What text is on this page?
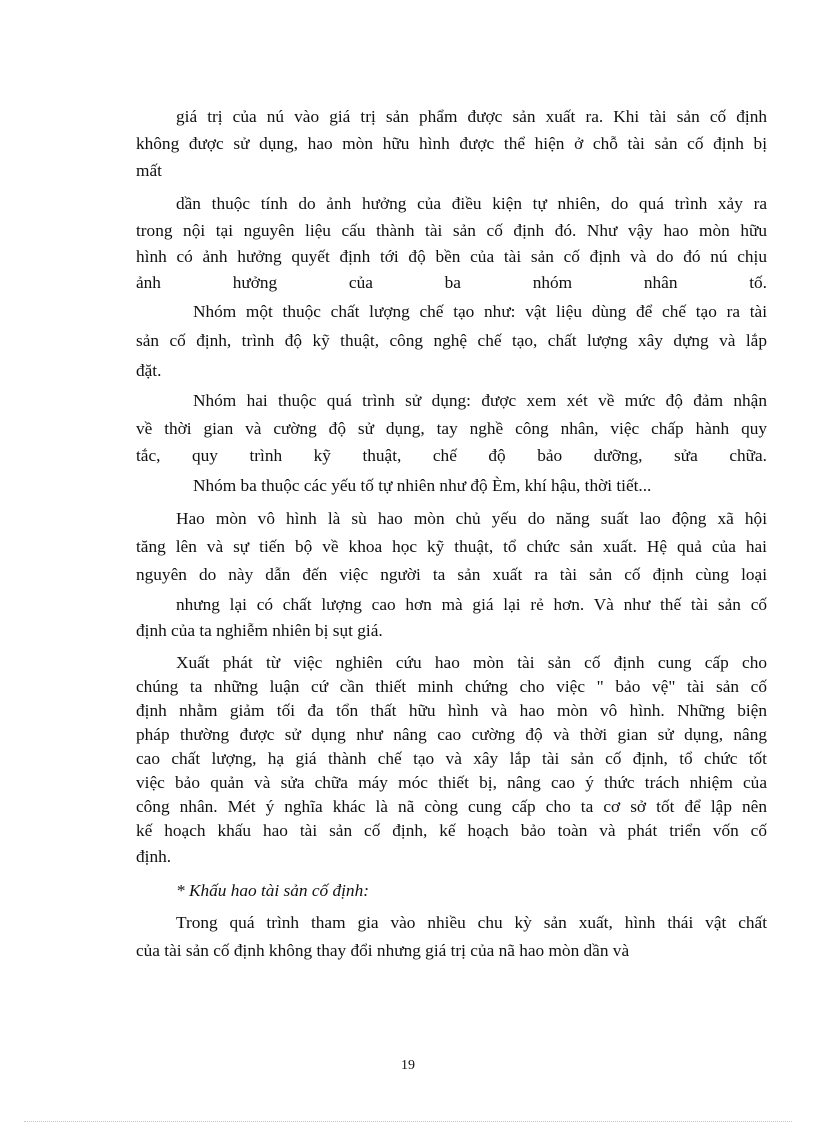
giá trị của nú vào giá trị sản phẩm được sản xuất ra. Khi tài sản cố định
không được sử dụng, hao mòn hữu hình được thể hiện ở chỗ tài sản cố định bị
mất
dần thuộc tính do ảnh hưởng của điều kiện tự nhiên, do quá trình xảy ra
trong nội tại nguyên liệu cấu thành tài sản cố định đó. Như vậy hao mòn hữu
hình có ảnh hưởng quyết định tới độ bền của tài sản cố định và do đó nú chịu
ảnh hưởng của ba nhóm nhân tố.
Nhóm một thuộc chất lượng chế tạo như: vật liệu dùng để chế tạo ra tài
sản cố định, trình độ kỹ thuật, công nghệ chế tạo, chất lượng xây dựng và lắp
đặt.
Nhóm hai thuộc quá trình sử dụng: được xem xét về mức độ đảm nhận
về thời gian và cường độ sử dụng, tay nghề công nhân, việc chấp hành quy
tắc, quy trình kỹ thuật, chế độ bảo dưỡng, sửa chữa.
Nhóm ba thuộc các yếu tố tự nhiên như độ Èm, khí hậu, thời tiết...
Hao mòn vô hình là sù hao mòn chủ yếu do năng suất lao động xã hội
tăng lên và sự tiến bộ về khoa học kỹ thuật, tổ chức sản xuất. Hệ quả của hai
nguyên do này dẫn đến việc người ta sản xuất ra tài sản cố định cùng loại
nhưng lại có chất lượng cao hơn mà giá lại rẻ hơn. Và như thế tài sản cố
định của ta nghiễm nhiên bị sụt giá.
Xuất phát từ việc nghiên cứu hao mòn tài sản cố định cung cấp cho
chúng ta những luận cứ cần thiết minh chứng cho việc " bảo vệ" tài sản cố
định nhằm giảm tối đa tổn thất hữu hình và hao mòn vô hình. Những biện
pháp thường được sử dụng như nâng cao cường độ và thời gian sử dụng, nâng
cao chất lượng, hạ giá thành chế tạo và xây lắp tài sản cố định, tổ chức tốt
việc bảo quản và sửa chữa máy móc thiết bị, nâng cao ý thức trách nhiệm của
công nhân. Mét ý nghĩa khác là nã còng cung cấp cho ta cơ sở tốt để lập nên
kế hoạch khấu hao tài sản cố định, kế hoạch bảo toàn và phát triển vốn cố
định.
* Khấu hao tài sản cố định:
Trong quá trình tham gia vào nhiều chu kỳ sản xuất, hình thái vật chất
của tài sản cố định không thay đổi nhưng giá trị của nã hao mòn dần và
19
